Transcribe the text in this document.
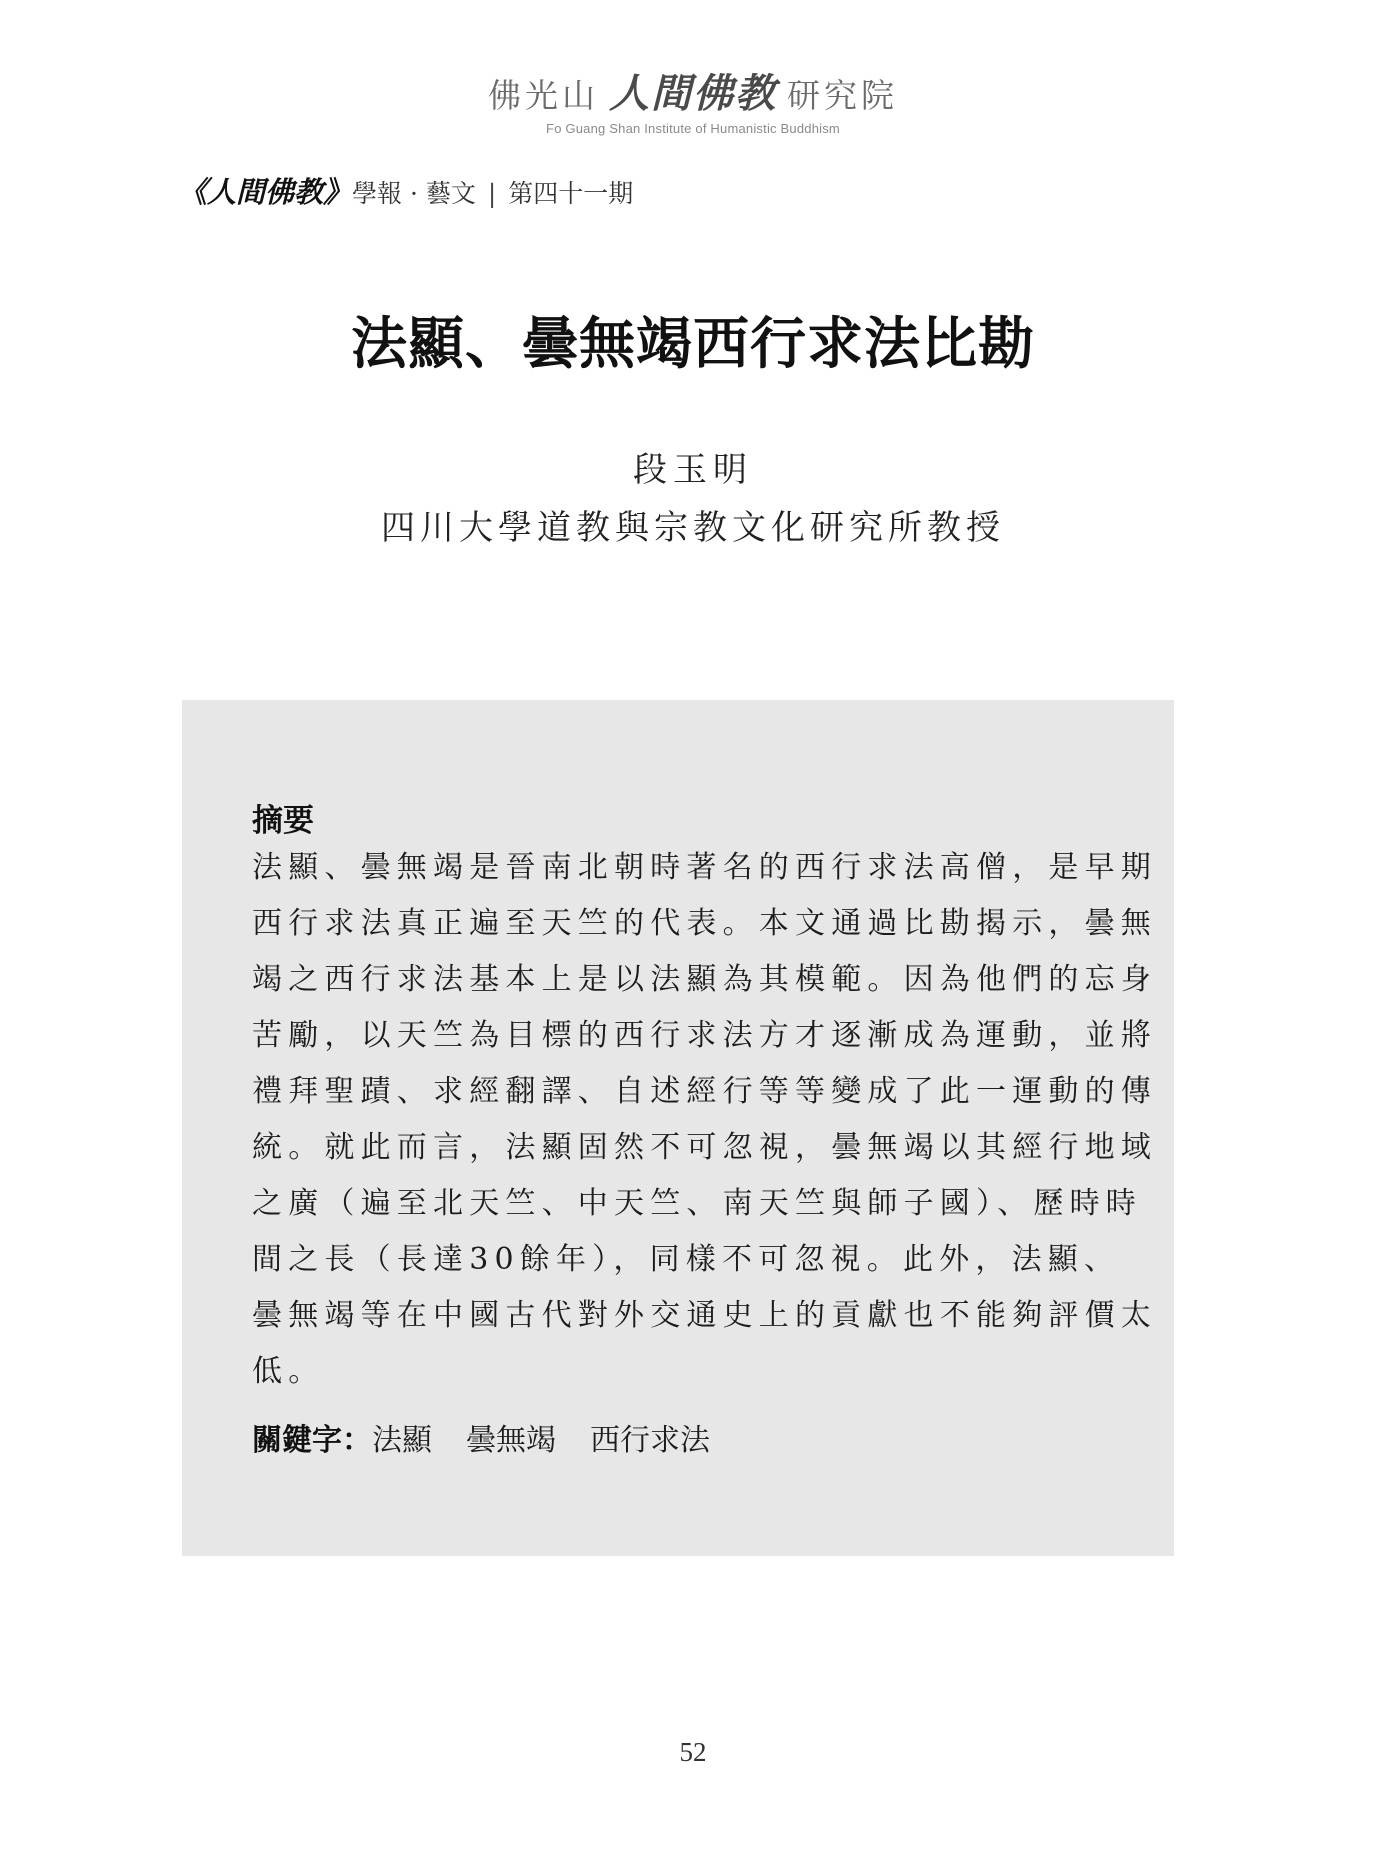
佛光山 人間佛教 研究院
Fo Guang Shan Institute of Humanistic Buddhism
《人間佛教》 學報 · 藝文 | 第四十一期
法顯、曇無竭西行求法比勘
段玉明
四川大學道教與宗教文化研究所教授
摘要
法顯、曇無竭是晉南北朝時著名的西行求法高僧，是早期
西行求法真正遍至天竺的代表。本文通過比勘揭示，曇無
竭之西行求法基本上是以法顯為其模範。因為他們的忘身
苦勵，以天竺為目標的西行求法方才逐漸成為運動，並將
禮拜聖蹟、求經翻譯、自述經行等等變成了此一運動的傳
統。就此而言，法顯固然不可忽視，曇無竭以其經行地域
之廣（遍至北天竺、中天竺、南天竺與師子國）、歷時時
間之長（長達30餘年），同樣不可忽視。此外，法顯、
曇無竭等在中國古代對外交通史上的貢獻也不能夠評價太
低。
關鍵字： 法顯 曇無竭 西行求法
52
